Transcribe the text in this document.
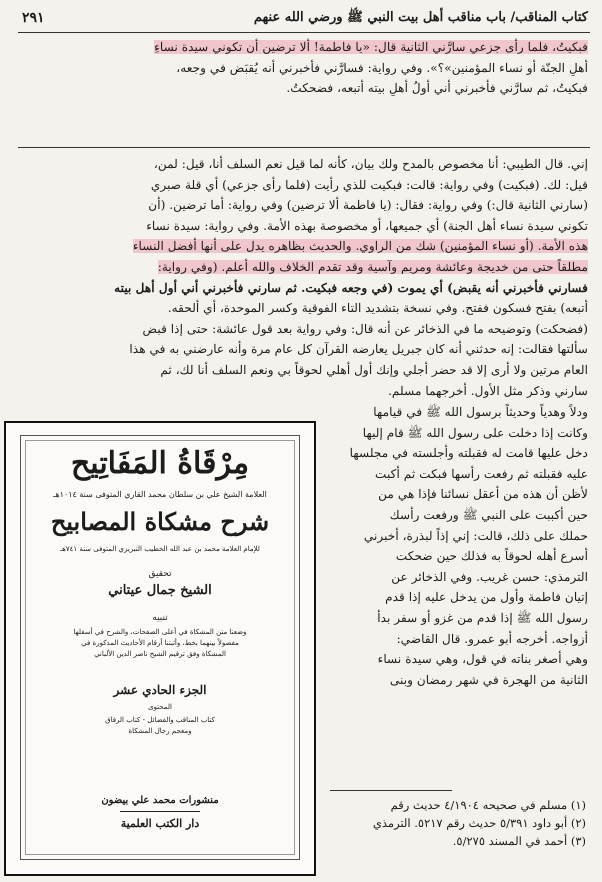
كتاب المناقب/ باب مناقب أهل بيت النبي ﷺ ورضي الله عنهم
٢٩١
فبكيتُ، فلما رأى جزعي سارَّني الثانية قال: «يا فاطمة! ألا ترضين أن تكوني سيدة نساءِ
أهلِ الجنّة أو نساء المؤمنين»؟». وفي رواية: فسارَّني فأخبرني أنه يُقبَض في وجعه،
فبكيتُ، ثم سارَّني فأخبرني أني أولُ أهلِ بيته أتبعه، فضحكتُ.
إني. قال الطيبي: أنا مخصوص بالمدح ولك بيان، كأنه لما قيل نعم السلف أنا، قيل: لمن،
قيل: لك. (فبكيت) وفي رواية: قالت: فبكيت للذي رأيت (فلما رأى جزعي) أي قلة صبري
(سارني الثانية قال:) وفي رواية: فقال: (يا فاطمة ألا ترضين) وفي رواية: أما ترضين. (أن
تكوني سيدة نساء أهل الجنة) أي جميعها، أو مخصوصة بهذه الأمة. وفي رواية: سيدة نساء
هذه الأمة. (أو نساء المؤمنين) شك من الراوي. والحديث بظاهره يدل على أنها أفضل النساء
مطلقاً حتى من خديجة وعائشة ومريم وآسية وقد تقدم الخلاف والله أعلم. (وفي رواية:
فسارني فأخبرني أنه يقبض) أي يموت (في وجعه فبكيت. ثم سارني فأخبرني أني أول أهل بيته
أتبعه) بفتح فسكون ففتح. وفي نسخة بتشديد التاء الفوقية وكسر الموحدة، أي ألحقه.
(فضحكت) وتوضيحه ما في الذخائر عن أنه قال: وفي رواية بعد قول عائشة: حتى إذا قبض
سألتها فقالت: إنه حدثني أنه كان جبريل يعارضه القرآن كل عام مرة وأنه عارضني به في هذا
العام مرتين ولا أرى إلا قد حضر أجلي وإنك أول أهلي لحوقاً بي ونعم السلف أنا لك، ثم
سارني وذكر مثل الأول. أخرجهما مسلم.
ودلاً وهدياً وحديثاً برسول الله ﷺ في قيامها
وكانت إذا دخلت على رسول الله ﷺ قام إليها
دخل عليها قامت له فقبلته وأجلسته في مجلسها
عليه فقبلته ثم رفعت رأسها فبكت ثم أكبت
لأظن أن هذه من أعقل نسائنا فإذا هي من
حين أكببت على النبي ﷺ ورفعت رأسك
حملك على ذلك، قالت: إني إذاً لبذرة، أخبرني
أسرع أهله لحوقاً به فذلك حين ضحكت
الترمذي: حسن غريب. وفي الذخائر عن
إتيان فاطمة وأول من يدخل عليه إذا قدم
رسول الله ﷺ إذا قدم من غزو أو سفر بدأ
أزواجه. أخرجه أبو عمرو. قال القاضي:
وهي أصغر بناته في قول، وهي سيدة نساء
الثانية من الهجرة في شهر رمضان وبنى
(١) مسلم في صحيحه ٤/١٩٠٤ حديث رقم
(٢) أبو داود ٥/٣٩١ حديث رقم ٥٢١٧. الترمذي
(٣) أحمد في المسند ٥/٢٧٥.
مِرْقَاةُ المَفَاتِيح
العلامة الشيخ علي بن سلطان محمد القاري المتوفى سنة ١٠١٤هـ
شرح مشكاة المصابيح
للإمام العلامة محمد بن عبد الله الخطيب التبريزي المتوفى سنة ٧٤١هـ
تحقيق
الشيخ جمال عيتاني
تنبيه
وضعنا متن المشكاة في أعلى الصفحات، والشرح في أسفلها
مفصولاً بينهما بخط، وأثبتنا أرقام الأحاديث المذكورة في
المشكاة وفق ترقيم الشيخ ناصر الدين الألباني
الجزء الحادي عشر
المحتوى
كتاب المناقب والفضائل - كتاب الرقاق
ومعجم رجال المشكاة
منشورات محمد علي بيضون
دار الكتب العلمية
